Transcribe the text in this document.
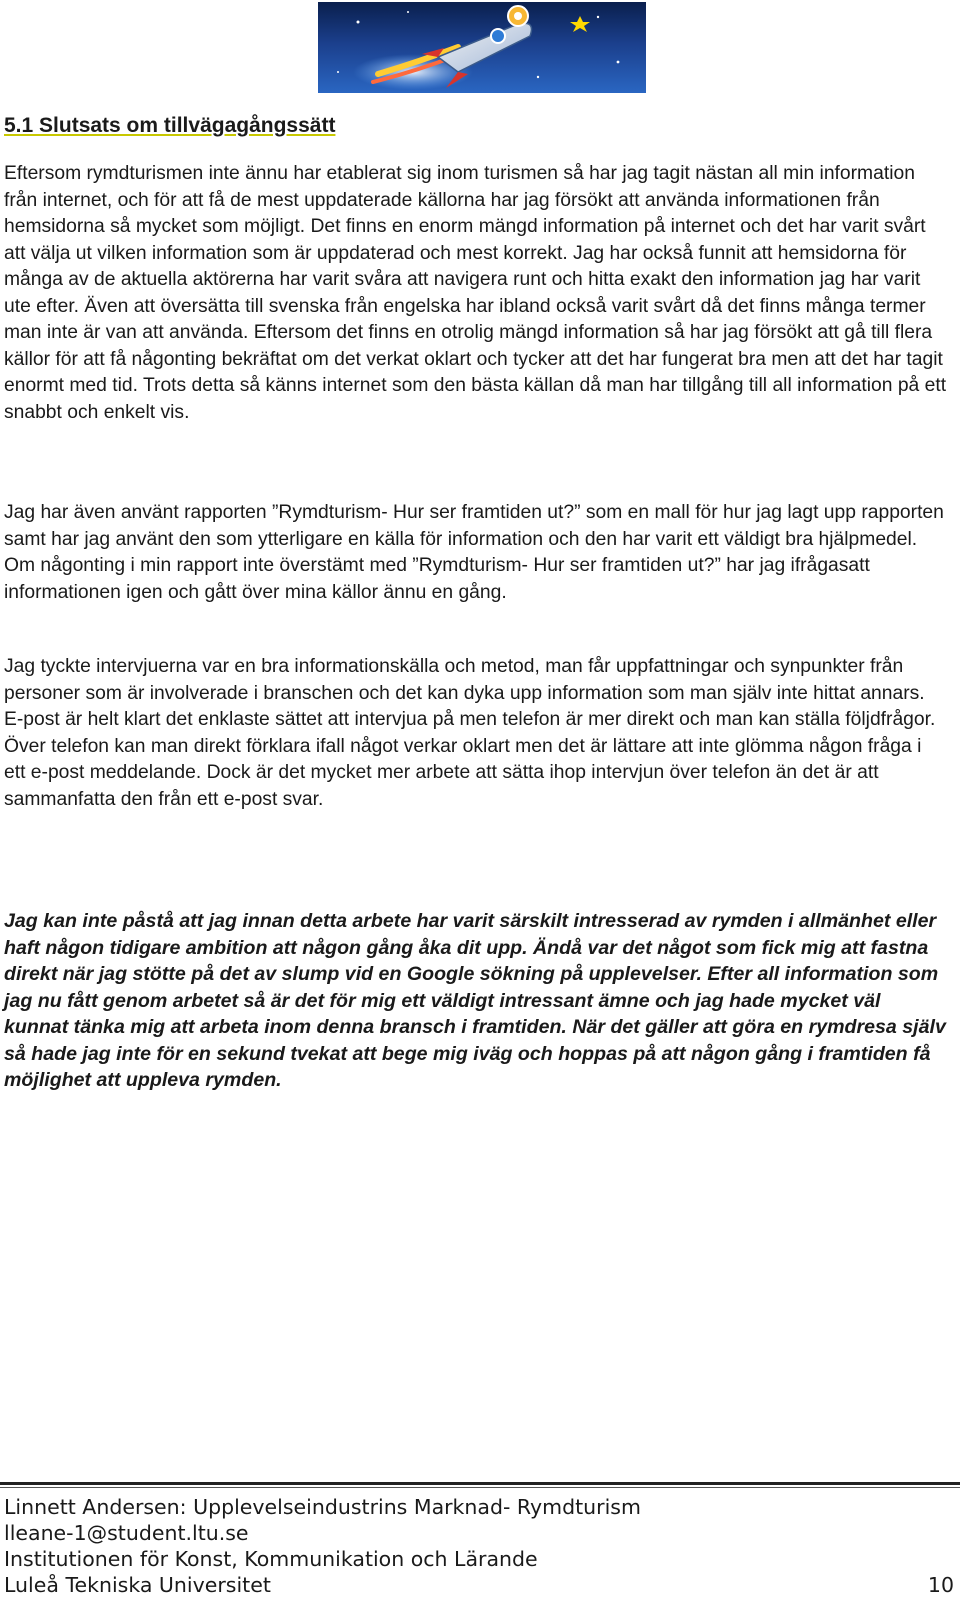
5.1 Slutsats om tillvägagångssätt

Eftersom rymdturismen inte ännu har etablerat sig inom turismen så har jag tagit nästan all min information från internet, och för att få de mest uppdaterade källorna har jag försökt att använda informationen från hemsidorna så mycket som möjligt. Det finns en enorm mängd information på internet och det har varit svårt att välja ut vilken information som är uppdaterad och mest korrekt. Jag har också funnit att hemsidorna för många av de aktuella aktörerna har varit svåra att navigera runt och hitta exakt den information jag har varit ute efter. Även att översätta till svenska från engelska har ibland också varit svårt då det finns många termer man inte är van att använda. Eftersom det finns en otrolig mängd information så har jag försökt att gå till flera källor för att få någonting bekräftat om det verkat oklart och tycker att det har fungerat bra men att det har tagit enormt med tid. Trots detta så känns internet som den bästa källan då man har tillgång till all information på ett snabbt och enkelt vis.

Jag har även använt rapporten ”Rymdturism- Hur ser framtiden ut?” som en mall för hur jag lagt upp rapporten samt har jag använt den som ytterligare en källa för information och den har varit ett väldigt bra hjälpmedel. Om någonting i min rapport inte överstämt med ”Rymdturism- Hur ser framtiden ut?” har jag ifrågasatt informationen igen och gått över mina källor ännu en gång.

Jag tyckte intervjuerna var en bra informationskälla och metod, man får uppfattningar och synpunkter från personer som är involverade i branschen och det kan dyka upp information som man själv inte hittat annars. E-post är helt klart det enklaste sättet att intervjua på men telefon är mer direkt och man kan ställa följdfrågor. Över telefon kan man direkt förklara ifall något verkar oklart men det är lättare att inte glömma någon fråga i ett e-post meddelande. Dock är det mycket mer arbete att sätta ihop intervjun över telefon än det är att sammanfatta den från ett e-post svar.

Jag kan inte påstå att jag innan detta arbete har varit särskilt intresserad av rymden i allmänhet eller haft någon tidigare ambition att någon gång åka dit upp. Ändå var det något som fick mig att fastna direkt när jag stötte på det av slump vid en Google sökning på upplevelser. Efter all information som jag nu fått genom arbetet så är det för mig ett väldigt intressant ämne och jag hade mycket väl kunnat tänka mig att arbeta inom denna bransch i framtiden. När det gäller att göra en rymdresa själv så hade jag inte för en sekund tvekat att bege mig iväg och hoppas på att någon gång i framtiden få möjlighet att uppleva rymden.

Linnett Andersen: Upplevelseindustrins Marknad- Rymdturism

lleane-1@student.ltu.se

Institutionen för Konst, Kommunikation och Lärande

Luleå Tekniska Universitet	10
